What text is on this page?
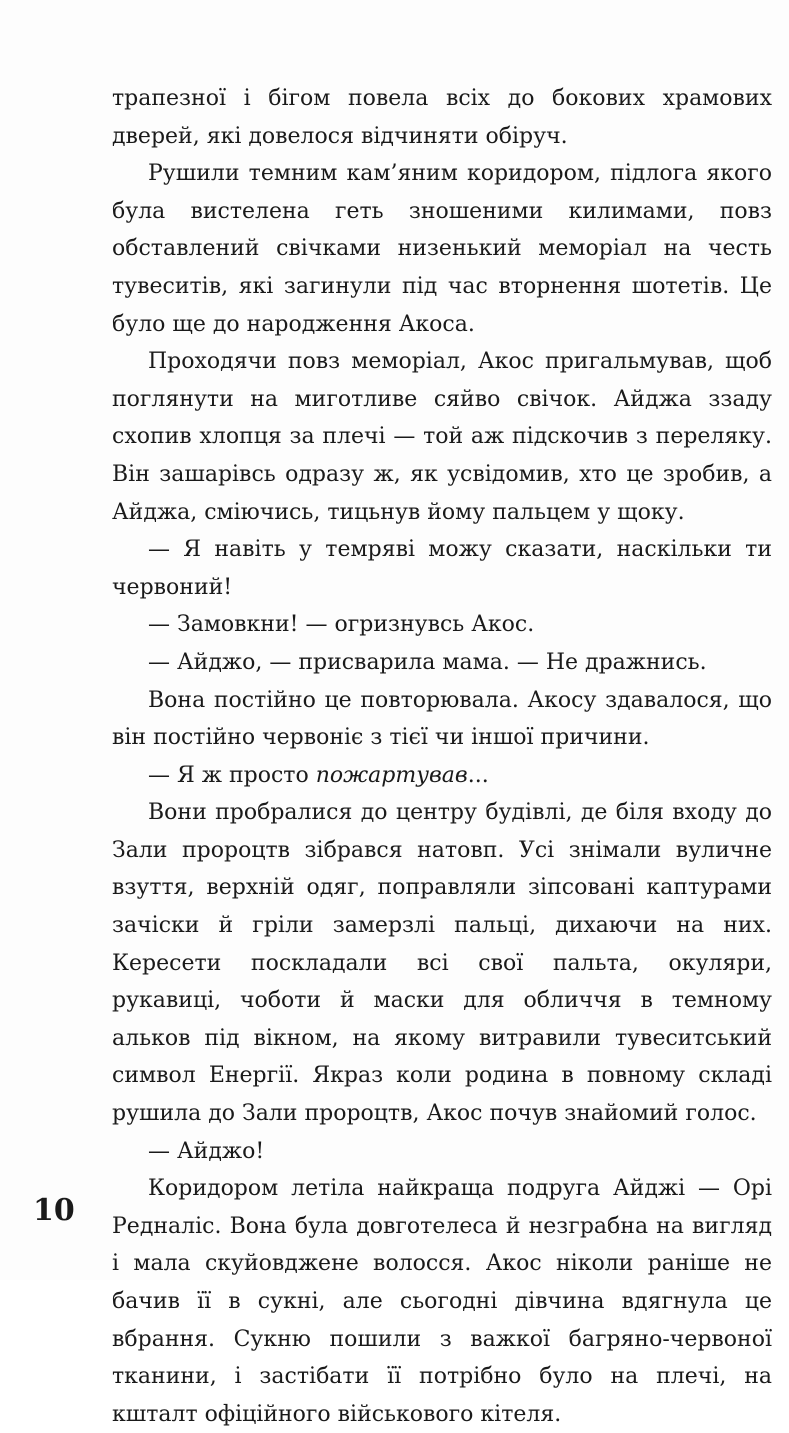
трапезної і бігом повела всіх до бокових храмових дверей, які довелося відчиняти обіруч.

Рушили темним кам’яним коридором, підлога якого була вистелена геть зношеними килимами, повз обставлений свічками низенький меморіал на честь тувеситів, які загинули під час вторнення шотетів. Це було ще до народження Акоса.

Проходячи повз меморіал, Акос пригальмував, щоб поглянути на миготливе сяйво свічок. Айджа ззаду схопив хлопця за плечі — той аж підскочив з переляку. Він зашарівсь одразу ж, як усвідомив, хто це зробив, а Айджа, сміючись, тицьнув йому пальцем у щоку.

— Я навіть у темряві можу сказати, наскільки ти червоний!

— Замовкни! — огризнувсь Акос.

— Айджо, — присварила мама. — Не дражнись.

Вона постійно це повторювала. Акосу здавалося, що він постійно червоніє з тієї чи іншої причини.

— Я ж просто пожартував...

Вони пробралися до центру будівлі, де біля входу до Зали пророцтв зібрався натовп. Усі знімали вуличне взуття, верхній одяг, поправляли зіпсовані каптурами зачіски й гріли замерзлі пальці, дихаючи на них. Кересети поскладали всі свої пальта, окуляри, рукавиці, чоботи й маски для обличчя в темному альков під вікном, на якому витравили тувеситський символ Енергії. Якраз коли родина в повному складі рушила до Зали пророцтв, Акос почув знайомий голос.

— Айджо!

Коридором летіла найкраща подруга Айджі — Орі Редналіс. Вона була довготелеса й незграбна на вигляд і мала скуйовджене волосся. Акос ніколи раніше не бачив її в сукні, але сьогодні дівчина вдягнула це вбрання. Сукню пошили з важкої багряно-червоної тканини, і застібати її потрібно було на плечі, на кшталт офіційного військового кітеля.

10
